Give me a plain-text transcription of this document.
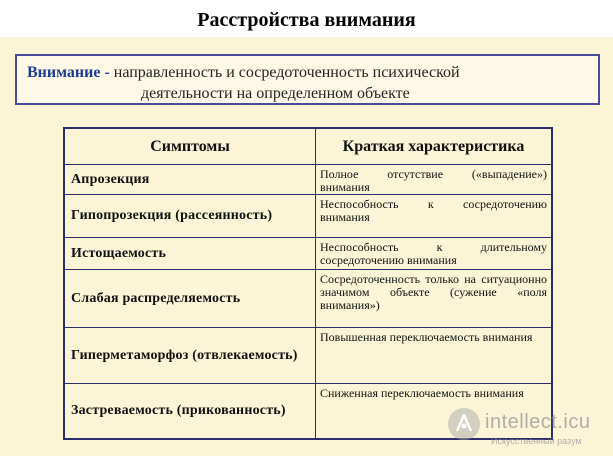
Расстройства внимания
Внимание - направленность и сосредоточенность психической
деятельности на определенном объекте
Симптомы	Краткая характеристика
Апрозекция	Полное отсутствие («выпадение») внимания
Гипопрозекция (рассеянность)	Неспособность к сосредоточению внимания
Истощаемость	Неспособность к длительному сосредоточению внимания
Слабая распределяемость	Сосредоточенность только на ситуационно значимом объекте (сужение «поля внимания»)
Гиперметаморфоз (отвлекаемость)	Повышенная переключаемость внимания
Застреваемость (прикованность)	Сниженная переключаемость внимания
intellect.icu
Искусственный разум
